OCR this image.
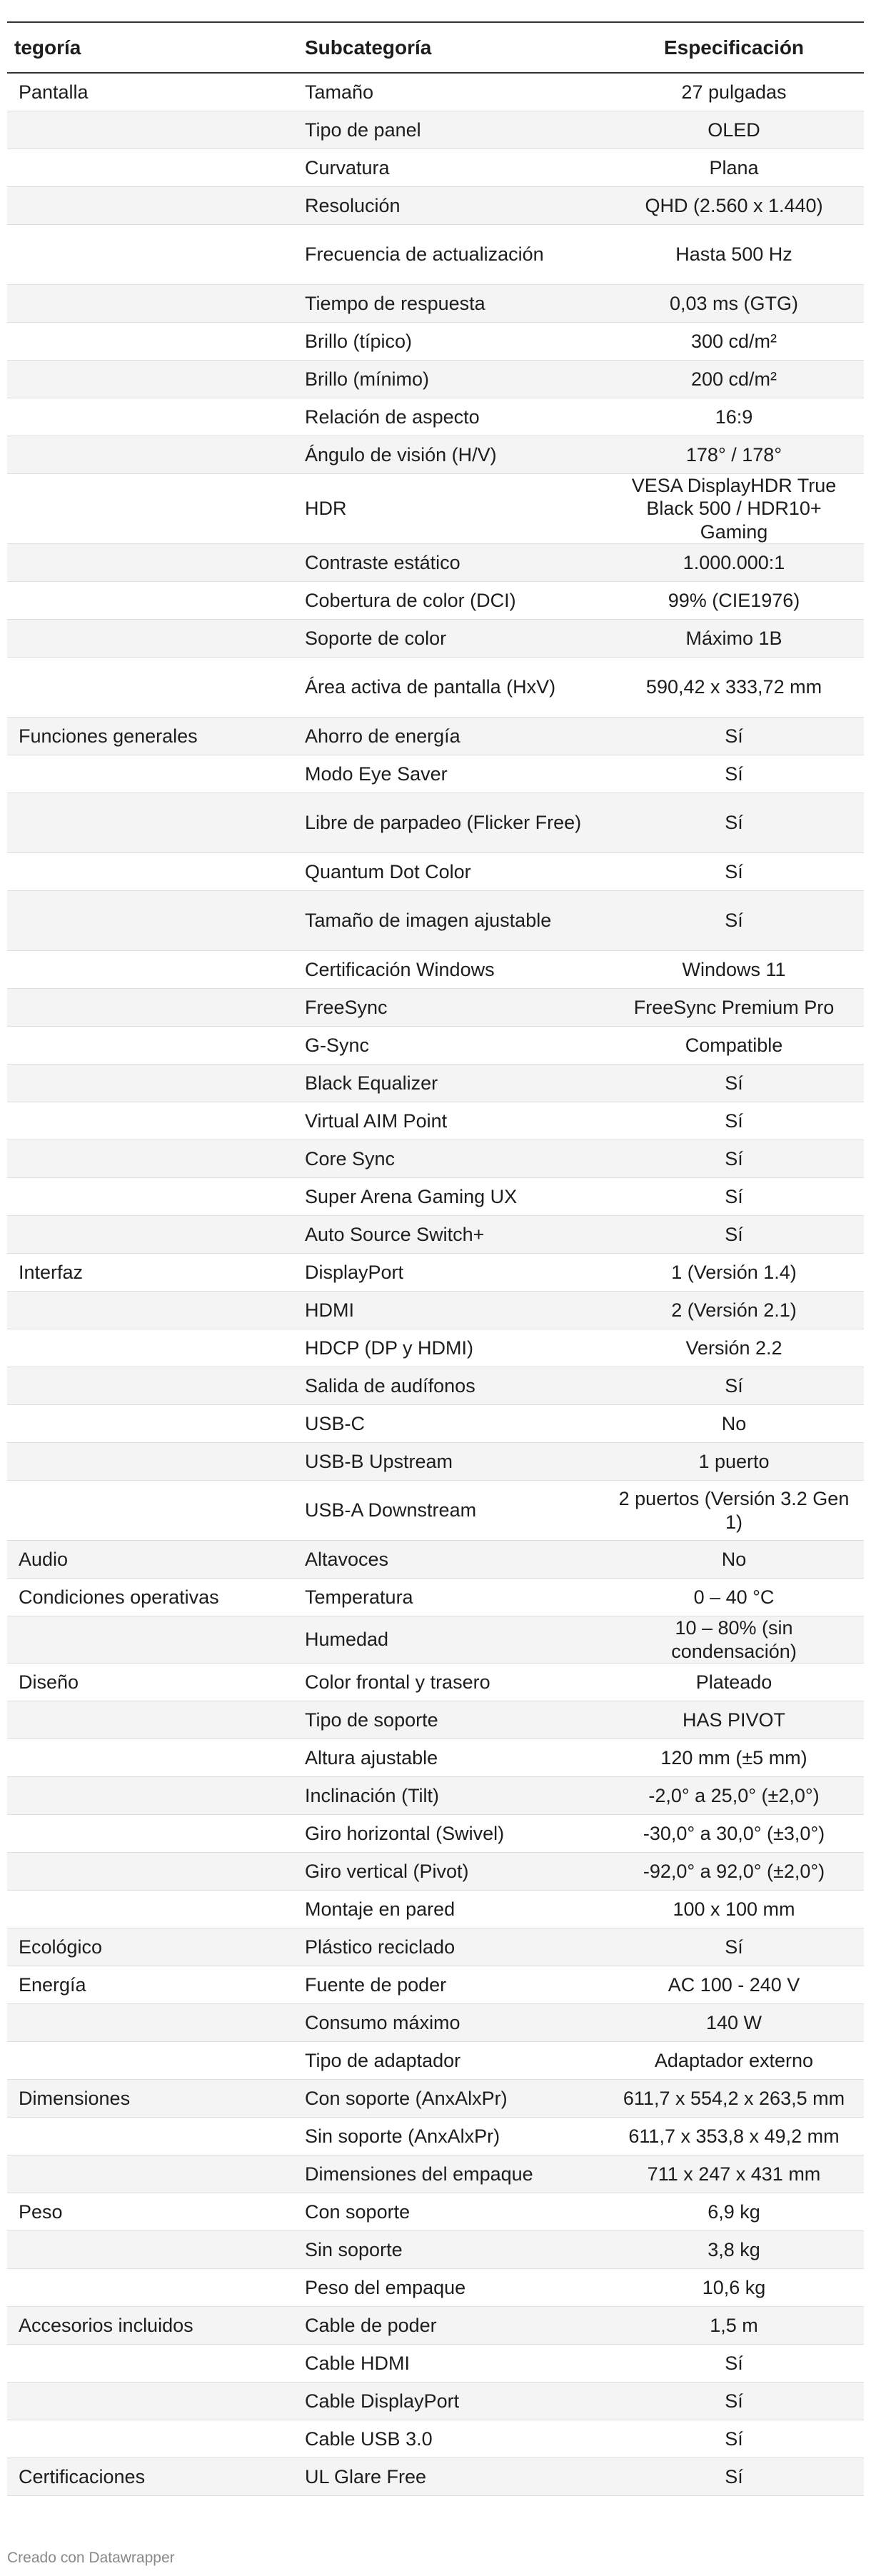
tegoría	Subcategoría	Especificación
Pantalla	Tamaño	27 pulgadas
	Tipo de panel	OLED
	Curvatura	Plana
	Resolución	QHD (2.560 x 1.440)
	Frecuencia de actualización	Hasta 500 Hz
	Tiempo de respuesta	0,03 ms (GTG)
	Brillo (típico)	300 cd/m²
	Brillo (mínimo)	200 cd/m²
	Relación de aspecto	16:9
	Ángulo de visión (H/V)	178° / 178°
	HDR	VESA DisplayHDR True Black 500 / HDR10+ Gaming
	Contraste estático	1.000.000:1
	Cobertura de color (DCI)	99% (CIE1976)
	Soporte de color	Máximo 1B
	Área activa de pantalla (HxV)	590,42 x 333,72 mm
Funciones generales	Ahorro de energía	Sí
	Modo Eye Saver	Sí
	Libre de parpadeo (Flicker Free)	Sí
	Quantum Dot Color	Sí
	Tamaño de imagen ajustable	Sí
	Certificación Windows	Windows 11
	FreeSync	FreeSync Premium Pro
	G-Sync	Compatible
	Black Equalizer	Sí
	Virtual AIM Point	Sí
	Core Sync	Sí
	Super Arena Gaming UX	Sí
	Auto Source Switch+	Sí
Interfaz	DisplayPort	1 (Versión 1.4)
	HDMI	2 (Versión 2.1)
	HDCP (DP y HDMI)	Versión 2.2
	Salida de audífonos	Sí
	USB-C	No
	USB-B Upstream	1 puerto
	USB-A Downstream	2 puertos (Versión 3.2 Gen 1)
Audio	Altavoces	No
Condiciones operativas	Temperatura	0 – 40 °C
	Humedad	10 – 80% (sin condensación)
Diseño	Color frontal y trasero	Plateado
	Tipo de soporte	HAS PIVOT
	Altura ajustable	120 mm (±5 mm)
	Inclinación (Tilt)	-2,0° a 25,0° (±2,0°)
	Giro horizontal (Swivel)	-30,0° a 30,0° (±3,0°)
	Giro vertical (Pivot)	-92,0° a 92,0° (±2,0°)
	Montaje en pared	100 x 100 mm
Ecológico	Plástico reciclado	Sí
Energía	Fuente de poder	AC 100 - 240 V
	Consumo máximo	140 W
	Tipo de adaptador	Adaptador externo
Dimensiones	Con soporte (AnxAlxPr)	611,7 x 554,2 x 263,5 mm
	Sin soporte (AnxAlxPr)	611,7 x 353,8 x 49,2 mm
	Dimensiones del empaque	711 x 247 x 431 mm
Peso	Con soporte	6,9 kg
	Sin soporte	3,8 kg
	Peso del empaque	10,6 kg
Accesorios incluidos	Cable de poder	1,5 m
	Cable HDMI	Sí
	Cable DisplayPort	Sí
	Cable USB 3.0	Sí
Certificaciones	UL Glare Free	Sí
Creado con Datawrapper
